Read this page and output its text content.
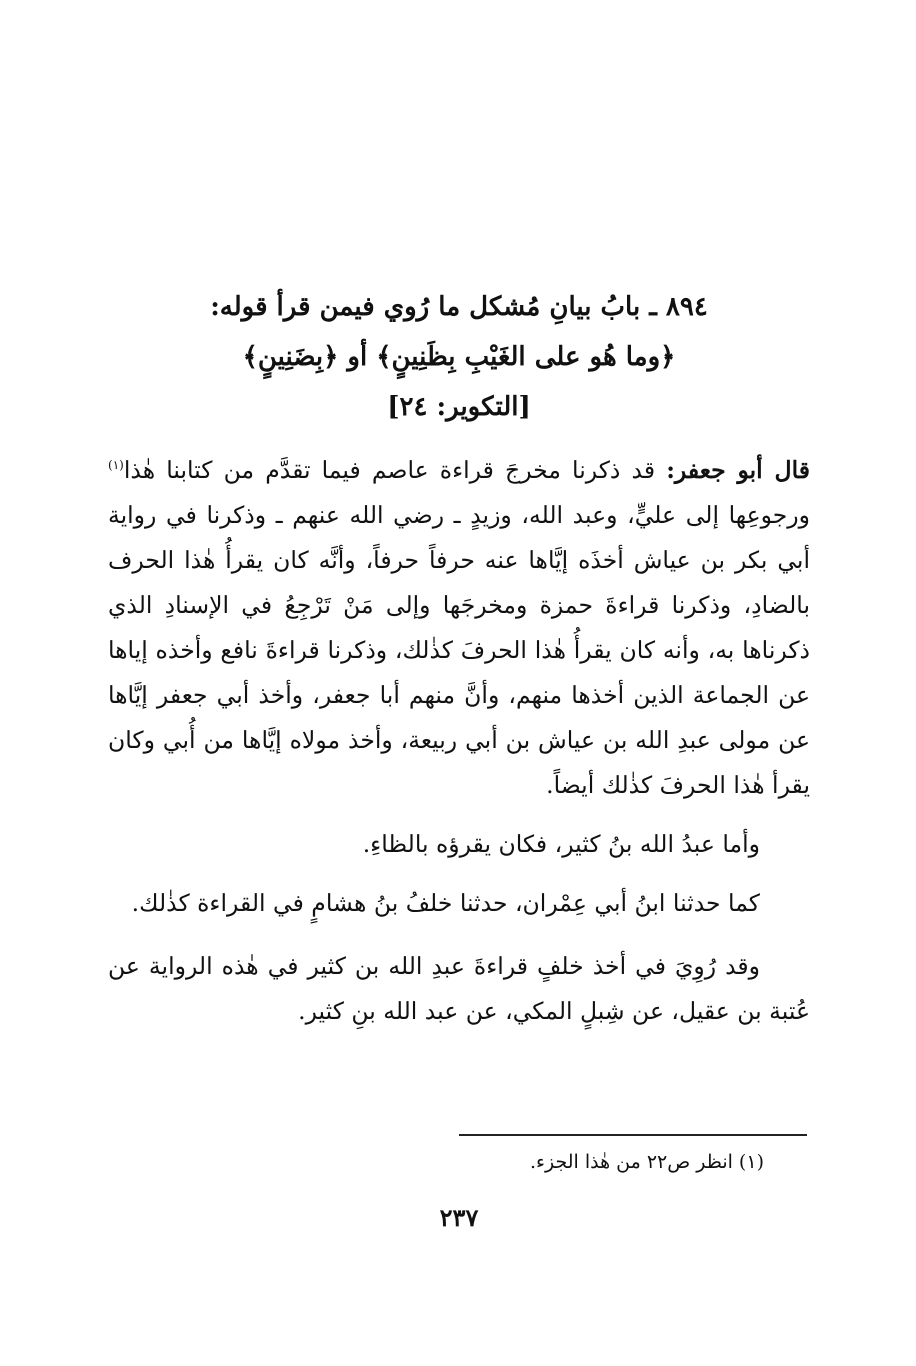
٨٩٤ ـ بابُ بيانِ مُشكل ما رُوي فيمن قرأ قوله:
﴿وما هُو على الغَيْبِ بِظَنِينٍ﴾ أو ﴿بِضَنِينٍ﴾
[التكوير: ٢٤]

قال أبو جعفر: قد ذكرنا مخرجَ قراءة عاصم فيما تقدَّم من كتابنا هٰذا$^{(١)}$ ورجوعِها إلى عليٍّ، وعبد الله، وزيدٍ ـ رضي الله عنهم ـ وذكرنا في رواية أبي بكر بن عياش أخذَه إيَّاها عنه حرفاً حرفاً، وأنَّه كان يقرأُ هٰذا الحرف بالضادِ، وذكرنا قراءةَ حمزة ومخرجَها وإلى مَنْ تَرْجِعُ في الإسنادِ الذي ذكرناها به، وأنه كان يقرأُ هٰذا الحرفَ كذٰلك، وذكرنا قراءةَ نافع وأخذه إياها عن الجماعة الذين أخذها منهم، وأنَّ منهم أبا جعفر، وأخذ أبي جعفر إيَّاها عن مولى عبدِ الله بن عياش بن أبي ربيعة، وأخذ مولاه إيَّاها من أُبي وكان يقرأ هٰذا الحرفَ كذٰلك أيضاً.

وأما عبدُ الله بنُ كثير، فكان يقرؤه بالظاءِ.

كما حدثنا ابنُ أبي عِمْران، حدثنا خلفُ بنُ هشامٍ في القراءة كذٰلك.

وقد رُوِيَ في أخذ خلفٍ قراءةَ عبدِ الله بن كثير في هٰذه الرواية عن عُتبة بن عقيل، عن شِبلٍ المكي، عن عبد الله بنِ كثير.

(١) انظر ص٢٢ من هٰذا الجزء.
٢٣٧
